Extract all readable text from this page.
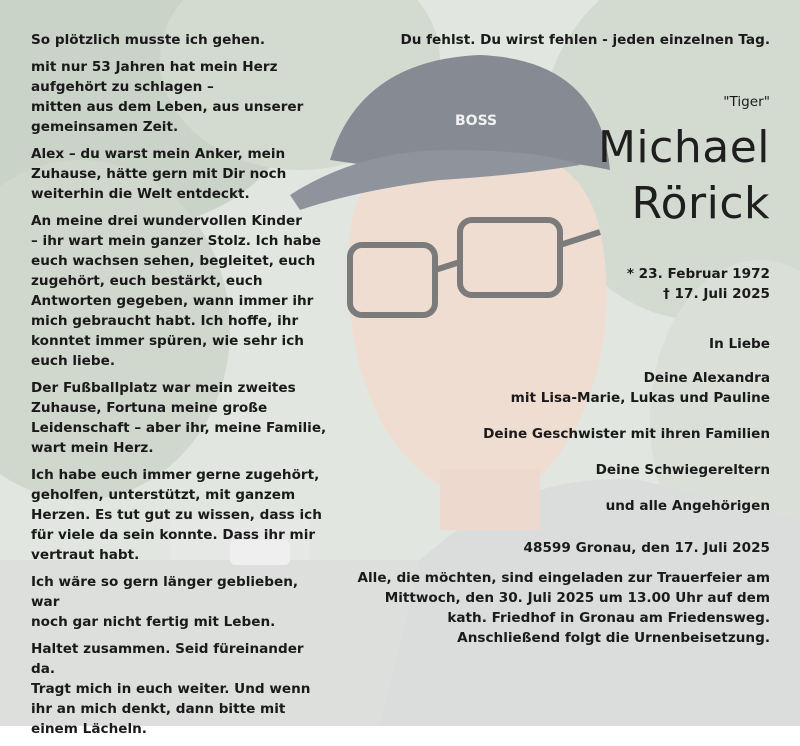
BOSS

So plötzlich musste ich gehen.

mit nur 53 Jahren hat mein Herz
aufgehört zu schlagen –
mitten aus dem Leben, aus unserer
gemeinsamen Zeit.

Alex – du warst mein Anker, mein
Zuhause, hätte gern mit Dir noch
weiterhin die Welt entdeckt.

An meine drei wundervollen Kinder
– ihr wart mein ganzer Stolz. Ich habe
euch wachsen sehen, begleitet, euch
zugehört, euch bestärkt, euch
Antworten gegeben, wann immer ihr
mich gebraucht habt. Ich hoffe, ihr
konntet immer spüren, wie sehr ich
euch liebe.

Der Fußballplatz war mein zweites
Zuhause, Fortuna meine große
Leidenschaft – aber ihr, meine Familie,
wart mein Herz.

Ich habe euch immer gerne zugehört,
geholfen, unterstützt, mit ganzem
Herzen. Es tut gut zu wissen, dass ich
für viele da sein konnte. Dass ihr mir
vertraut habt.

Ich wäre so gern länger geblieben, war
noch gar nicht fertig mit Leben.

Haltet zusammen. Seid füreinander da.
Tragt mich in euch weiter. Und wenn
ihr an mich denkt, dann bitte mit
einem Lächeln.

Du fehlst. Du wirst fehlen - jeden einzelnen Tag.
"Tiger"
Michael
Rörick
* 23. Februar 1972
† 17. Juli 2025
In Liebe
Deine Alexandra
mit Lisa-Marie, Lukas und Pauline
Deine Geschwister mit ihren Familien
Deine Schwiegereltern
und alle Angehörigen
48599 Gronau, den 17. Juli 2025
Alle, die möchten, sind eingeladen zur Trauerfeier am
Mittwoch, den 30. Juli 2025 um 13.00 Uhr auf dem
kath. Friedhof in Gronau am Friedensweg.
Anschließend folgt die Urnenbeisetzung.
